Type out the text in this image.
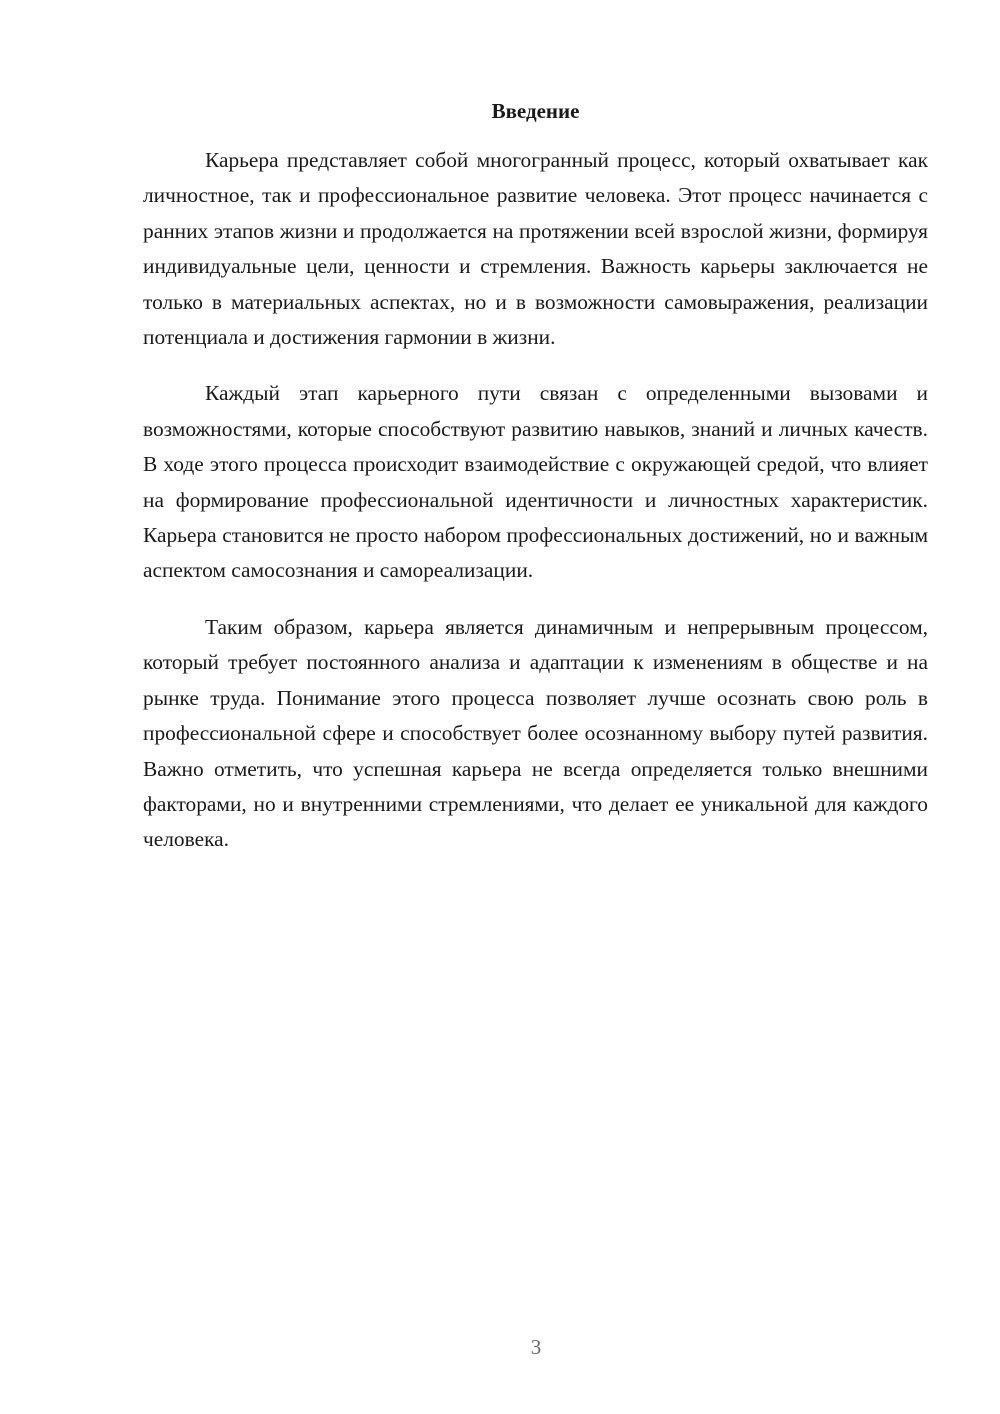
Введение

Карьера представляет собой многогранный процесс, который охватывает как личностное, так и профессиональное развитие человека. Этот процесс начинается с ранних этапов жизни и продолжается на протяжении всей взрослой жизни, формируя индивидуальные цели, ценности и стремления. Важность карьеры заключается не только в материальных аспектах, но и в возможности самовыражения, реализации потенциала и достижения гармонии в жизни.

Каждый этап карьерного пути связан с определенными вызовами и возможностями, которые способствуют развитию навыков, знаний и личных качеств. В ходе этого процесса происходит взаимодействие с окружающей средой, что влияет на формирование профессиональной идентичности и личностных характеристик. Карьера становится не просто набором профессиональных достижений, но и важным аспектом самосознания и самореализации.

Таким образом, карьера является динамичным и непрерывным процессом, который требует постоянного анализа и адаптации к изменениям в обществе и на рынке труда. Понимание этого процесса позволяет лучше осознать свою роль в профессиональной сфере и способствует более осознанному выбору путей развития. Важно отметить, что успешная карьера не всегда определяется только внешними факторами, но и внутренними стремлениями, что делает ее уникальной для каждого человека.

3
